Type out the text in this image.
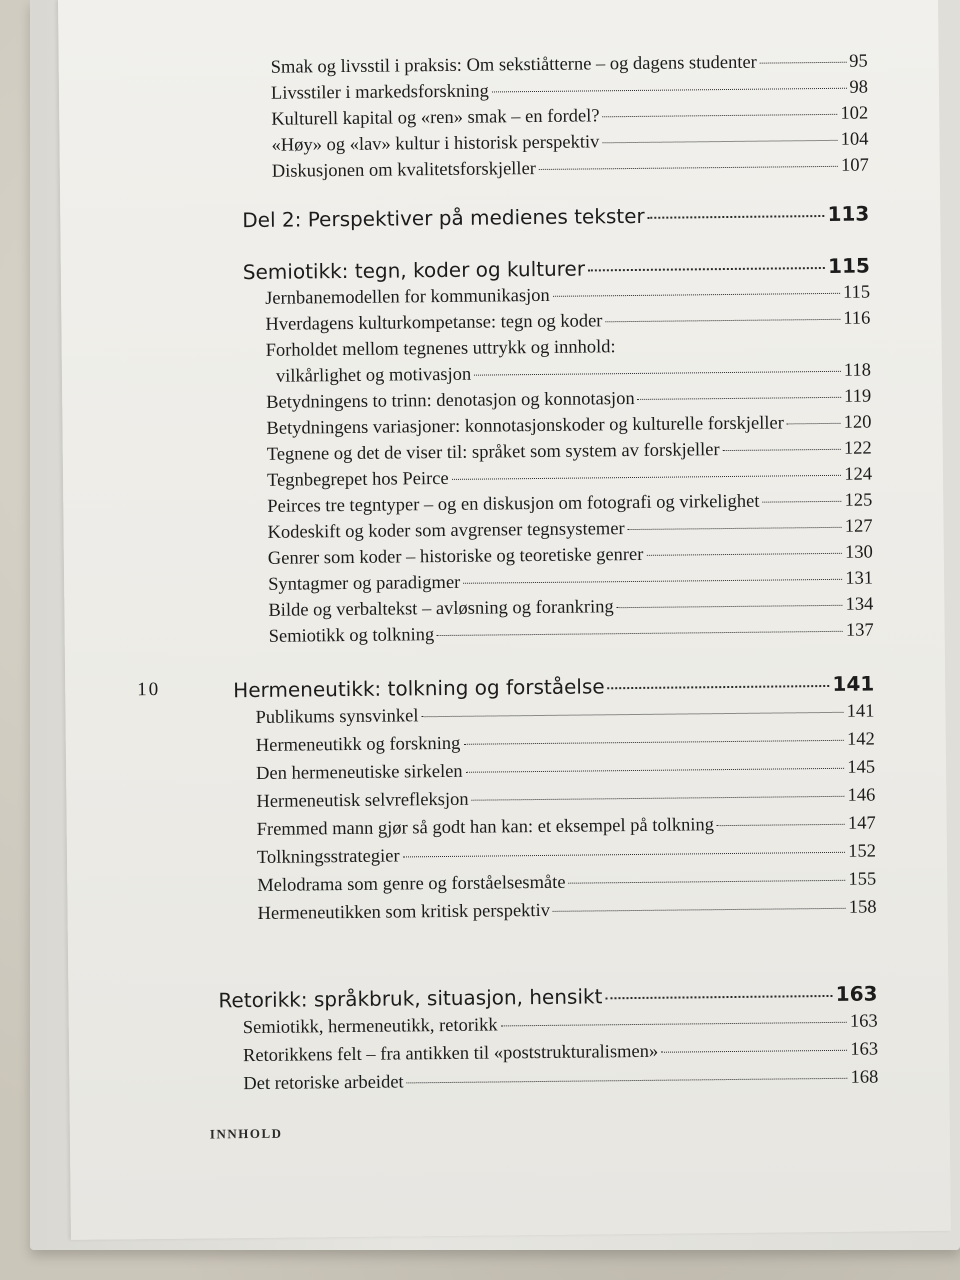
Smak og livsstil i praksis: Om sekstiåtterne – og dagens studenter	95
Livsstiler i markedsforskning	98
Kulturell kapital og «ren» smak – en fordel?	102
«Høy» og «lav» kultur i historisk perspektiv	104
Diskusjonen om kvalitetsforskjeller	107
Del 2: Perspektiver på medienes tekster	113
Semiotikk: tegn, koder og kulturer	115
Jernbanemodellen for kommunikasjon	115
Hverdagens kulturkompetanse: tegn og koder	116
Forholdet mellom tegnenes uttrykk og innhold:
vilkårlighet og motivasjon	118
Betydningens to trinn: denotasjon og konnotasjon	119
Betydningens variasjoner: konnotasjonskoder og kulturelle forskjeller	120
Tegnene og det de viser til: språket som system av forskjeller	122
Tegnbegrepet hos Peirce	124
Peirces tre tegntyper – og en diskusjon om fotografi og virkelighet	125
Kodeskift og koder som avgrenser tegnsystemer	127
Genrer som koder – historiske og teoretiske genrer	130
Syntagmer og paradigmer	131
Bilde og verbaltekst – avløsning og forankring	134
Semiotikk og tolkning	137
10	Hermeneutikk: tolkning og forståelse	141
Publikums synsvinkel	141
Hermeneutikk og forskning	142
Den hermeneutiske sirkelen	145
Hermeneutisk selvrefleksjon	146
Fremmed mann gjør så godt han kan: et eksempel på tolkning	147
Tolkningsstrategier	152
Melodrama som genre og forståelsesmåte	155
Hermeneutikken som kritisk perspektiv	158
Retorikk: språkbruk, situasjon, hensikt	163
Semiotikk, hermeneutikk, retorikk	163
Retorikkens felt – fra antikken til «poststrukturalismen»	163
Det retoriske arbeidet	168
INNHOLD
